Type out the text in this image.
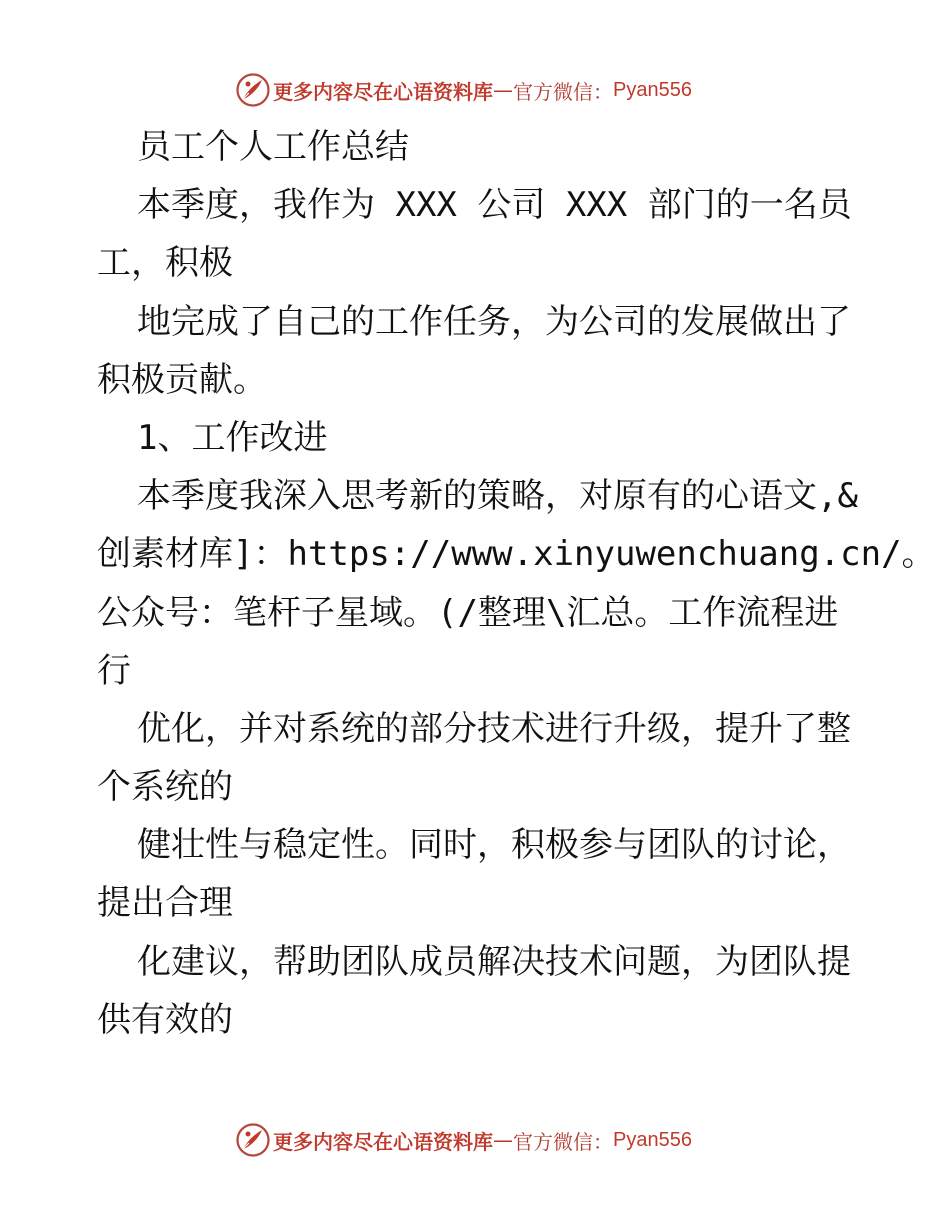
更多内容尽在心语资料库 — 官方微信： Pyan556
员工个人工作总结
本季度，我作为 XXX 公司 XXX 部门的一名员
工，积极
地完成了自己的工作任务，为公司的发展做出了
积极贡献。
1、工作改进
本季度我深入思考新的策略，对原有的心语文,&
创素材库]：https://www.xinyuwenchuang.cn/。
公众号：笔杆子星域。(/整理\汇总。工作流程进
行
优化，并对系统的部分技术进行升级，提升了整
个系统的
健壮性与稳定性。同时，积极参与团队的讨论，
提出合理
化建议，帮助团队成员解决技术问题，为团队提
供有效的
更多内容尽在心语资料库 — 官方微信： Pyan556
